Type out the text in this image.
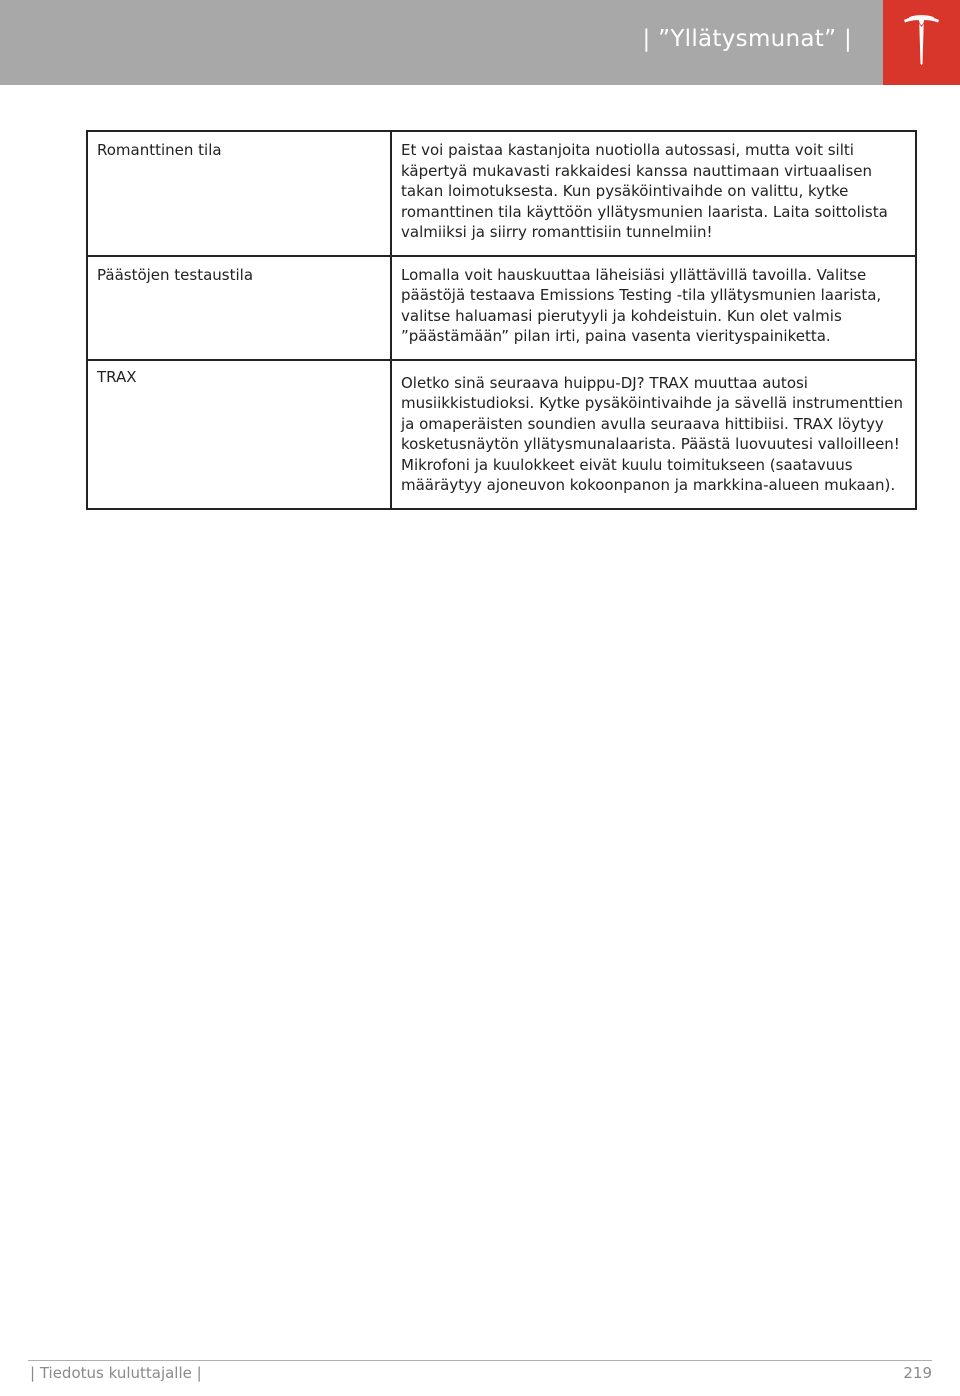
| ”Yllätysmunat” |
Romanttinen tila	Et voi paistaa kastanjoita nuotiolla autossasi, mutta voit silti käpertyä mukavasti rakkaidesi kanssa nauttimaan virtuaalisen takan loimotuksesta. Kun pysäköintivaihde on valittu, kytke romanttinen tila käyttöön yllätysmunien laarista. Laita soittolista valmiiksi ja siirry romanttisiin tunnelmiin!
Päästöjen testaustila	Lomalla voit hauskuuttaa läheisiäsi yllättävillä tavoilla. Valitse päästöjä testaava Emissions Testing -tila yllätysmunien laarista, valitse haluamasi pierutyyli ja kohdeistuin. Kun olet valmis ”päästämään” pilan irti, paina vasenta vierityspainiketta.
TRAX	Oletko sinä seuraava huippu-DJ? TRAX muuttaa autosi musiikkistudioksi. Kytke pysäköintivaihde ja sävellä instrumenttien ja omaperäisten soundien avulla seuraava hittibiisi. TRAX löytyy kosketusnäytön yllätysmunalaarista. Päästä luovuutesi valloilleen! Mikrofoni ja kuulokkeet eivät kuulu toimitukseen (saatavuus määräytyy ajoneuvon kokoonpanon ja markkina-alueen mukaan).
| Tiedotus kuluttajalle |	219
